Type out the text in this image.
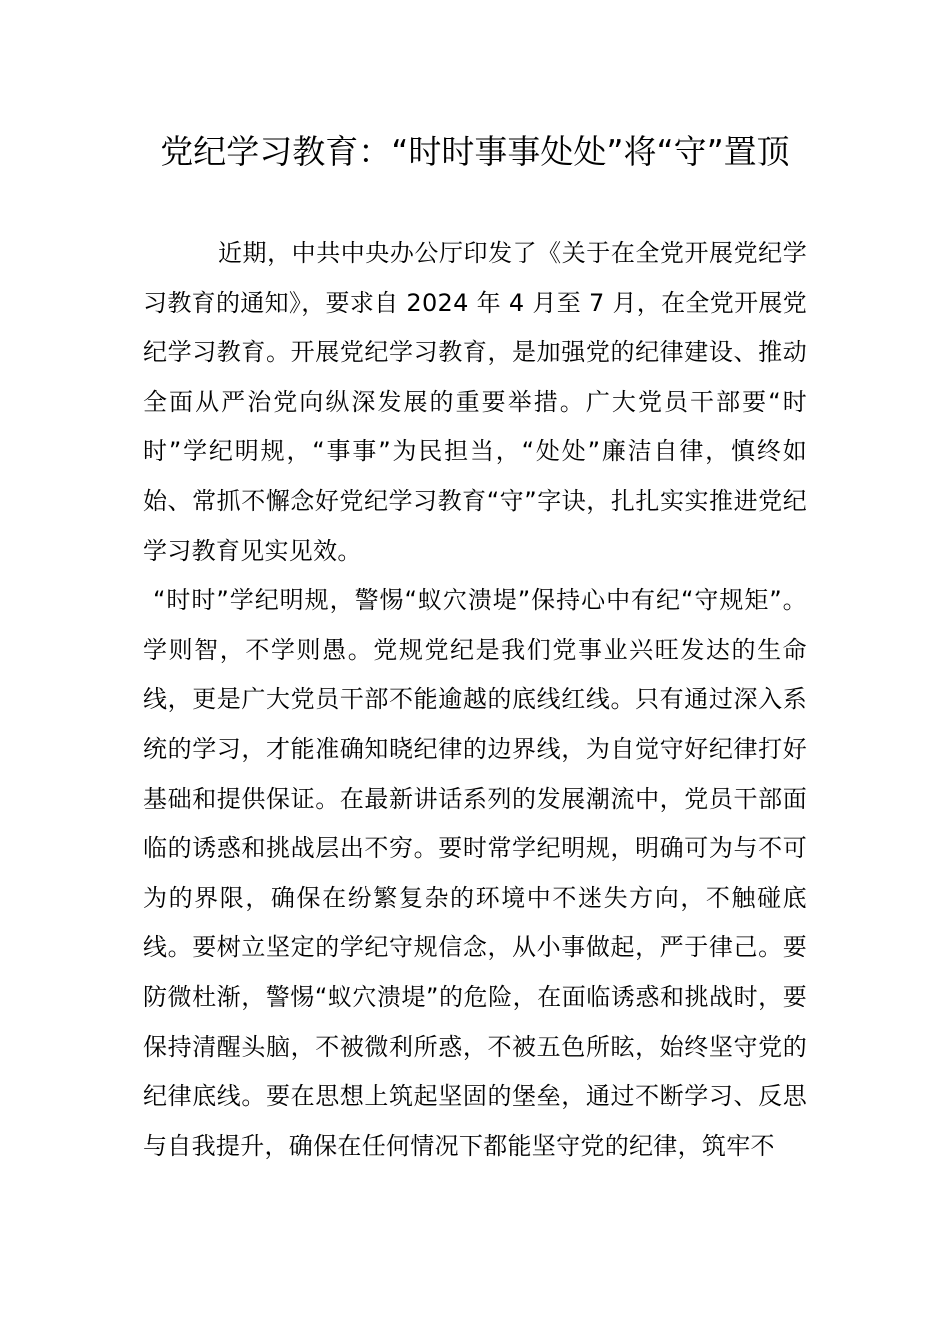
党纪学习教育：“时时事事处处”将“守”置顶

近期，中共中央办公厅印发了《关于在全党开展党纪学习教育的通知》，要求自 2024 年 4 月至 7 月，在全党开展党纪学习教育。开展党纪学习教育，是加强党的纪律建设、推动全面从严治党向纵深发展的重要举措。广大党员干部要“时时”学纪明规，“事事”为民担当，“处处”廉洁自律，慎终如始、常抓不懈念好党纪学习教育“守”字诀，扎扎实实推进党纪学习教育见实见效。

“时时”学纪明规，警惕“蚁穴溃堤”保持心中有纪“守规矩”。学则智，不学则愚。党规党纪是我们党事业兴旺发达的生命线，更是广大党员干部不能逾越的底线红线。只有通过深入系统的学习，才能准确知晓纪律的边界线，为自觉守好纪律打好基础和提供保证。在最新讲话系列的发展潮流中，党员干部面临的诱惑和挑战层出不穷。要时常学纪明规，明确可为与不可为的界限，确保在纷繁复杂的环境中不迷失方向，不触碰底线。要树立坚定的学纪守规信念，从小事做起，严于律己。要防微杜渐，警惕“蚁穴溃堤”的危险，在面临诱惑和挑战时，要保持清醒头脑，不被微利所惑，不被五色所眩，始终坚守党的纪律底线。要在思想上筑起坚固的堡垒，通过不断学习、反思与自我提升，确保在任何情况下都能坚守党的纪律，筑牢不
